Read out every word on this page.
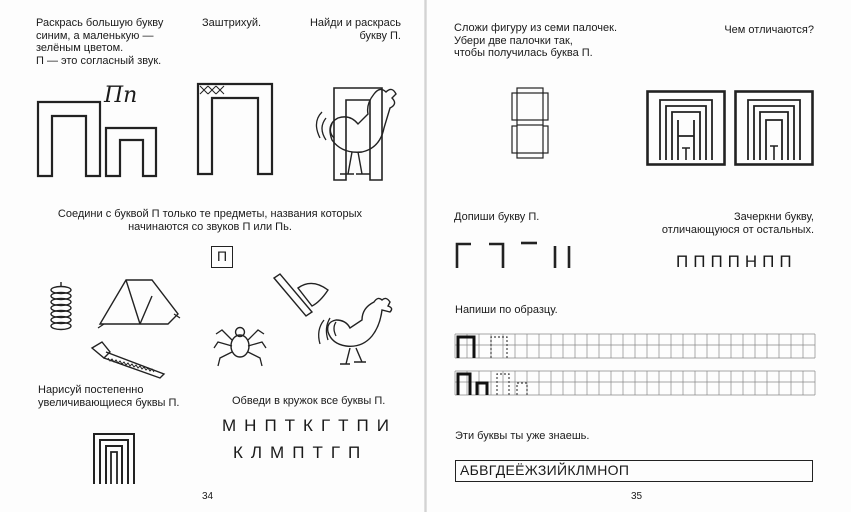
Раскрась большую букву
синим, а маленькую —
зелёным цветом.
П — это согласный звук.
Заштрихуй.	Найди и раскрась
букву П.
Пп
Соедини с буквой П только те предметы, названия которых
начинаются со звуков П или Пь.
П
Нарисуй постепенно
увеличивающиеся буквы П.	Обведи в кружок все буквы П.
МНПТКГТПИ
КЛМПТГП
34
Сложи фигуру из семи палочек.
Убери две палочки так,
чтобы получилась буква П.
Чем отличаются?
Допиши букву П.	Зачеркни букву,
отличающуюся от остальных.
ППППНПП
Напиши по образцу.
Эти буквы ты уже знаешь.
АБВГДЕЁЖЗИЙКЛМНОП
35
